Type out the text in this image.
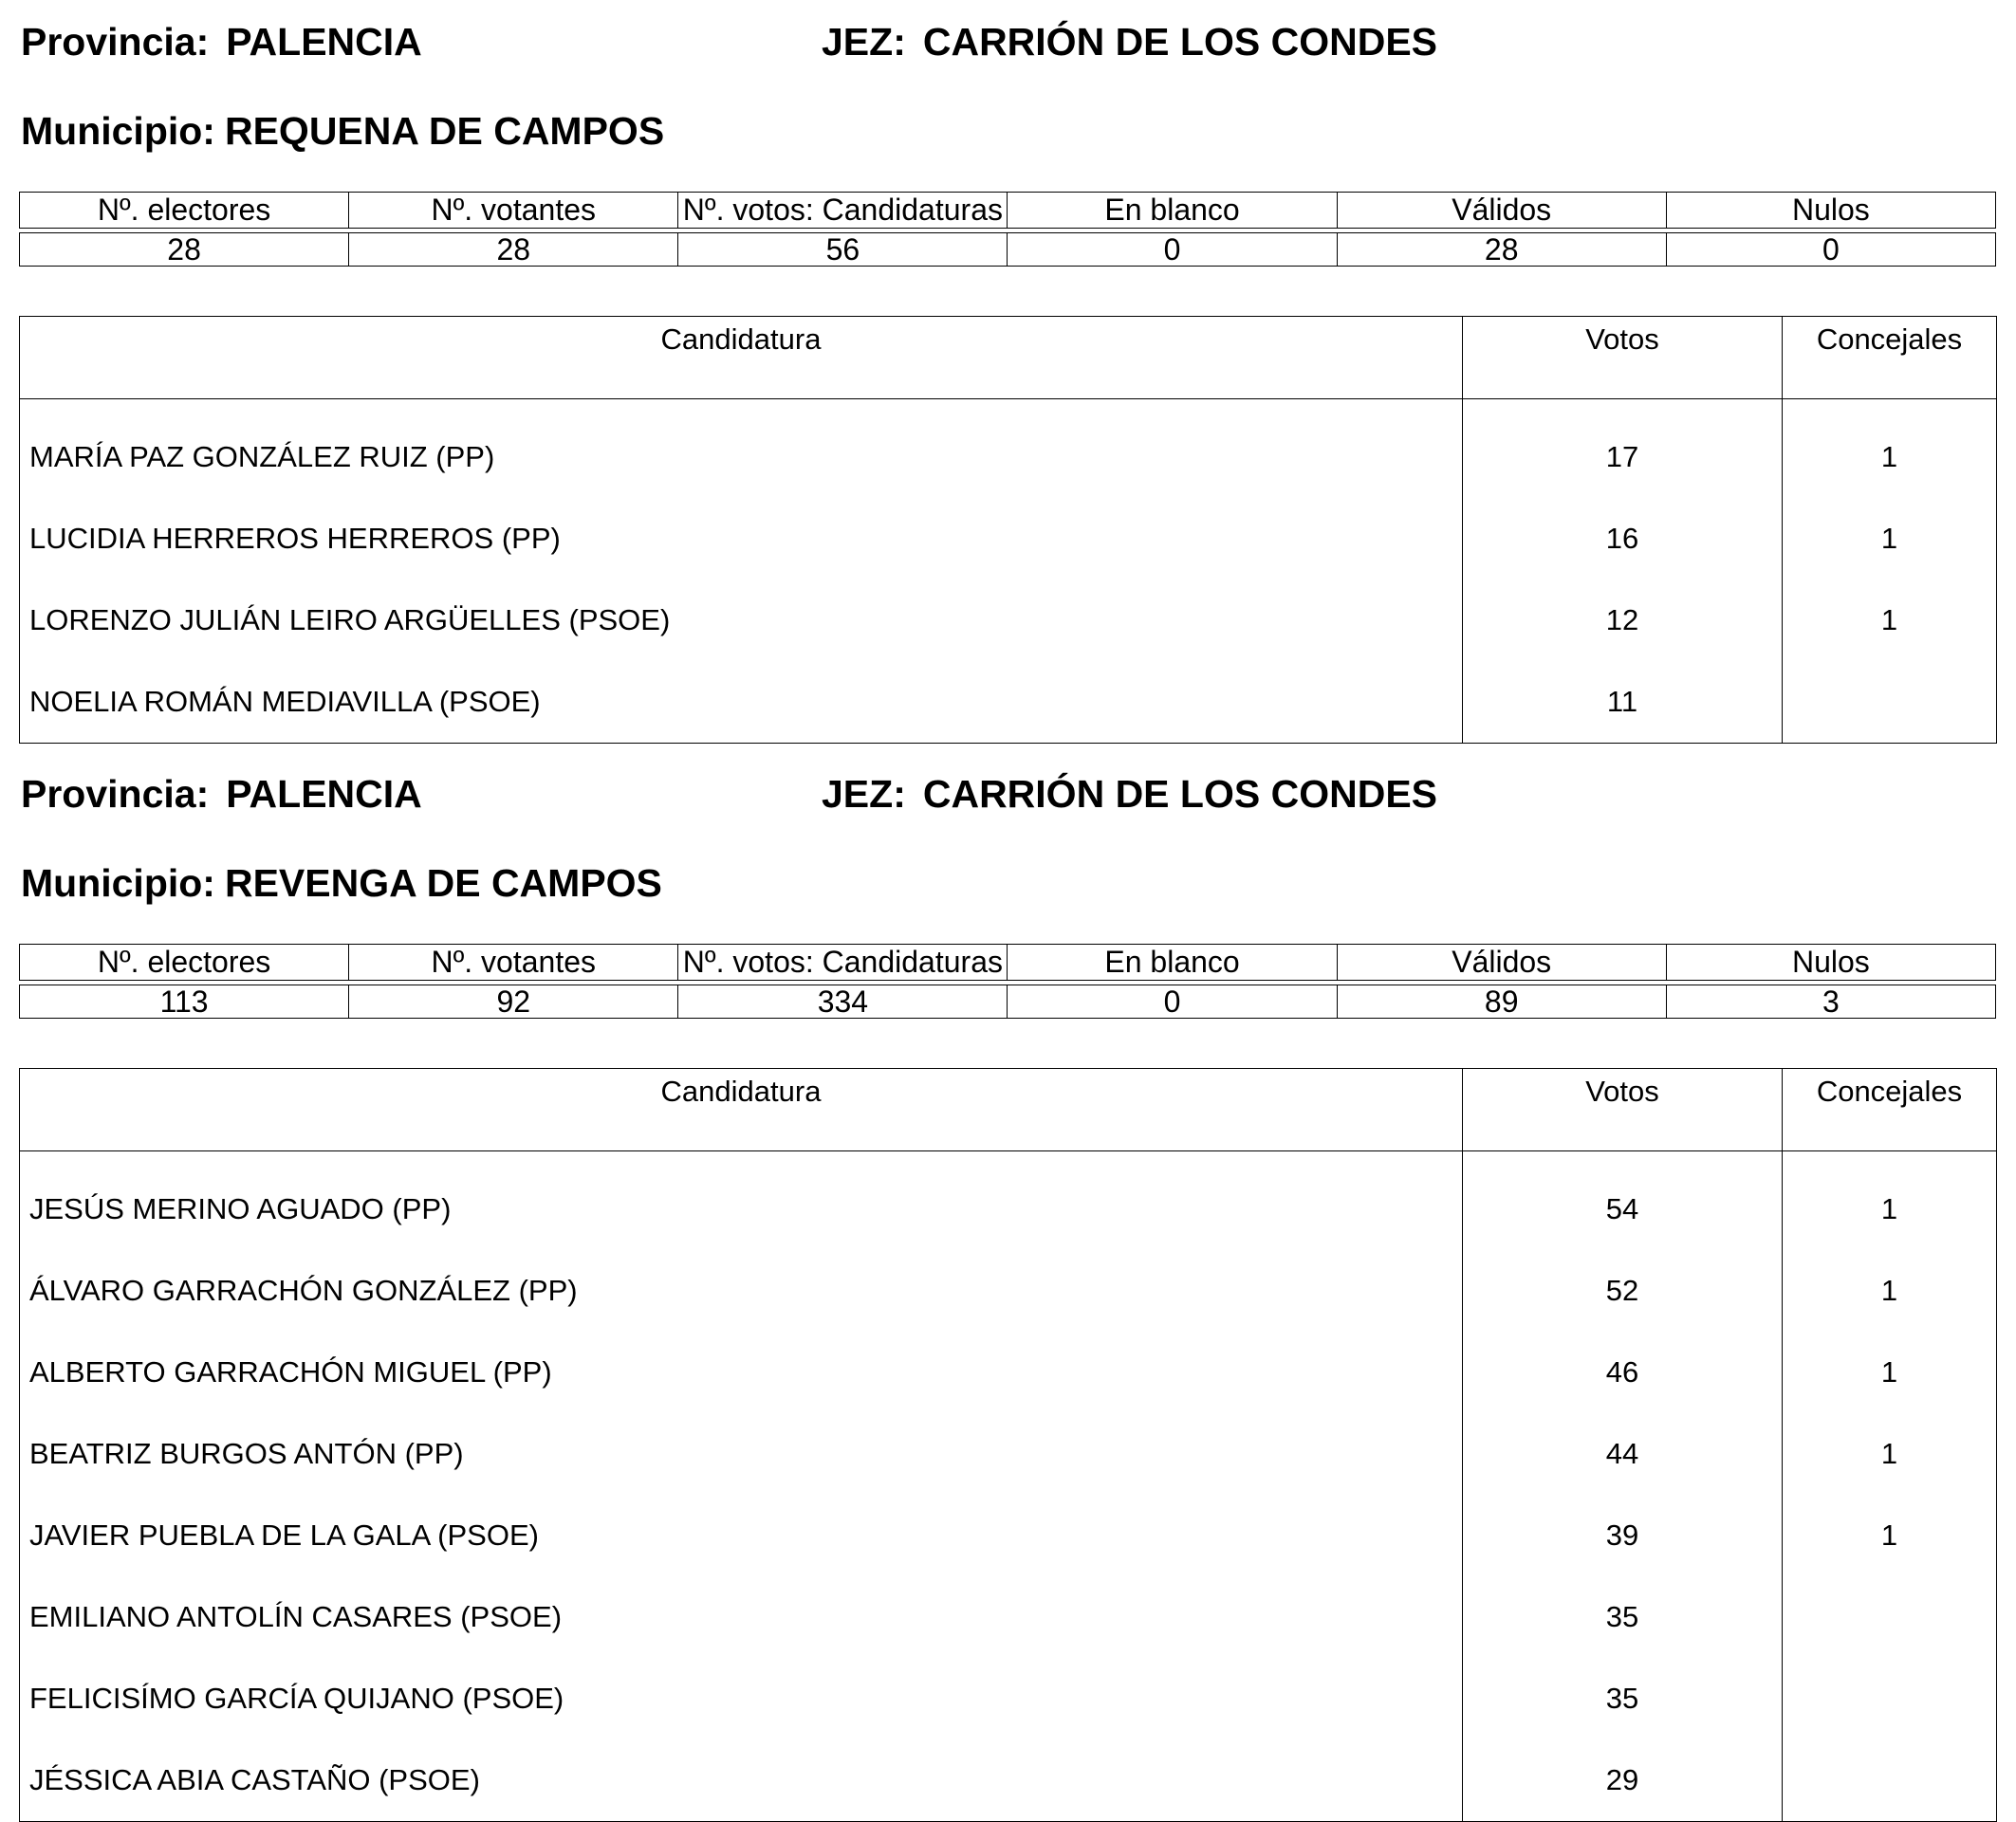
Provincia: PALENCIA	JEZ: CARRIÓN DE LOS CONDES
Municipio: REQUENA DE CAMPOS
Nº. electores	Nº. votantes	Nº. votos: Candidaturas	En blanco	Válidos	Nulos

28	28	56	0	28	0
Candidatura	Votos	Concejales
MARÍA PAZ GONZÁLEZ RUIZ (PP)	17	1
LUCIDIA HERREROS HERREROS (PP)	16	1
LORENZO JULIÁN LEIRO ARGÜELLES (PSOE)	12	1
NOELIA ROMÁN MEDIAVILLA (PSOE)	11	
Provincia: PALENCIA	JEZ: CARRIÓN DE LOS CONDES
Municipio: REVENGA DE CAMPOS
Nº. electores	Nº. votantes	Nº. votos: Candidaturas	En blanco	Válidos	Nulos

113	92	334	0	89	3
Candidatura	Votos	Concejales
JESÚS MERINO AGUADO (PP)	54	1
ÁLVARO GARRACHÓN GONZÁLEZ (PP)	52	1
ALBERTO GARRACHÓN MIGUEL (PP)	46	1
BEATRIZ BURGOS ANTÓN (PP)	44	1
JAVIER PUEBLA DE LA GALA (PSOE)	39	1
EMILIANO ANTOLÍN CASARES (PSOE)	35	
FELICISÍMO GARCÍA QUIJANO (PSOE)	35	
JÉSSICA ABIA CASTAÑO (PSOE)	29	
